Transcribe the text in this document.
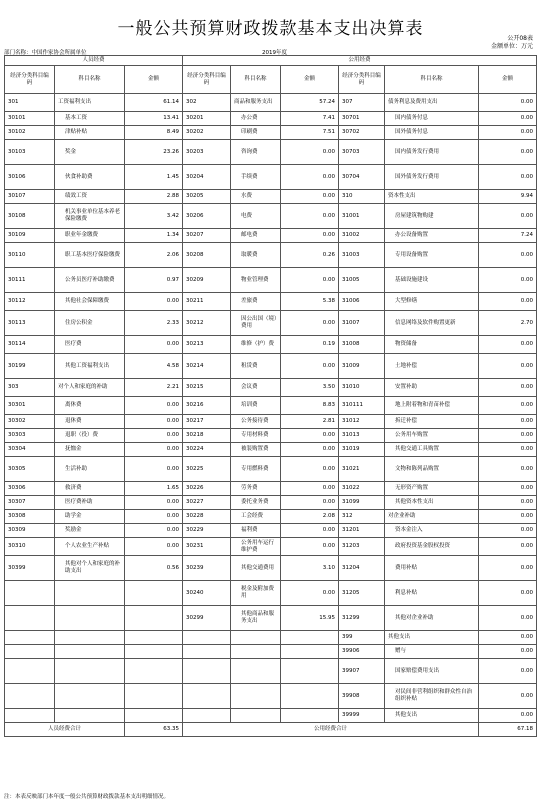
一般公共预算财政拨款基本支出决算表	公开08表
金额单位：万元
部门名称：中国作家协会所属单位	2019年度
人员经费			公用经费					
经济分类科目编码	科目名称	金额	经济分类科目编码	科目名称	金额	经济分类科目编码	科目名称	金额
301	工资福利支出	61.14	302	商品和服务支出	57.24	307	债务利息及费用支出	0.00
30101	基本工资	13.41	30201	办公费	7.41	30701	国内债务付息	0.00
30102	津贴补贴	8.49	30202	印刷费	7.51	30702	国外债务付息	0.00
30103	奖金	23.26	30203	咨询费	0.00	30703	国内债务发行费用	0.00
30106	伙食补助费	1.45	30204	手续费	0.00	30704	国外债务发行费用	0.00
30107	绩效工资	2.88	30205	水费	0.00	310	资本性支出	9.94
30108	机关事业单位基本养老保险缴费	3.42	30206	电费	0.00	31001	房屋建筑物购建	0.00
30109	职业年金缴费	1.34	30207	邮电费	0.00	31002	办公设备购置	7.24
30110	职工基本医疗保险缴费	2.06	30208	取暖费	0.26	31003	专用设备购置	0.00
30111	公务员医疗补助缴费	0.97	30209	物业管理费	0.00	31005	基础设施建设	0.00
30112	其他社会保障缴费	0.00	30211	差旅费	5.38	31006	大型修缮	0.00
30113	住房公积金	2.33	30212	因公出国（境）费用	0.00	31007	信息网络及软件购置更新	2.70
30114	医疗费	0.00	30213	维修（护）费	0.19	31008	物资储备	0.00
30199	其他工资福利支出	4.58	30214	租赁费	0.00	31009	土地补偿	0.00
303	对个人和家庭的补助	2.21	30215	会议费	3.50	31010	安置补助	0.00
30301	离休费	0.00	30216	培训费	8.83	310111	地上附着物和青苗补偿	0.00
30302	退休费	0.00	30217	公务接待费	2.81	31012	拆迁补偿	0.00
30303	退职（役）费	0.00	30218	专用材料费	0.00	31013	公务用车购置	0.00
30304	抚恤金	0.00	30224	被装购置费	0.00	31019	其他交通工具购置	0.00
30305	生活补助	0.00	30225	专用燃料费	0.00	31021	文物和陈列品购置	0.00
30306	救济费	1.65	30226	劳务费	0.00	31022	无形资产购置	0.00
30307	医疗费补助	0.00	30227	委托业务费	0.00	31099	其他资本性支出	0.00
30308	助学金	0.00	30228	工会经费	2.08	312	对企业补助	0.00
30309	奖励金	0.00	30229	福利费	0.00	31201	资本金注入	0.00
30310	个人农业生产补贴	0.00	30231	公务用车运行维护费	0.00	31203	政府投资基金股权投资	0.00
30399	其他对个人和家庭的补助支出	0.56	30239	其他交通费用	3.10	31204	费用补贴	0.00
			30240	税金及附加费用	0.00	31205	利息补贴	0.00
			30299	其他商品和服务支出	15.95	31299	其他对企业补助	0.00
						399	其他支出	0.00
						39906	赠与	0.00
						39907	国家赔偿费用支出	0.00
						39908	对民间非营利组织和群众性自治组织补贴	0.00
						39999	其他支出	0.00
人员经费合计		63.35	公用经费合计					67.18
注：本表反映部门本年度一般公共预算财政拨款基本支出明细情况。
